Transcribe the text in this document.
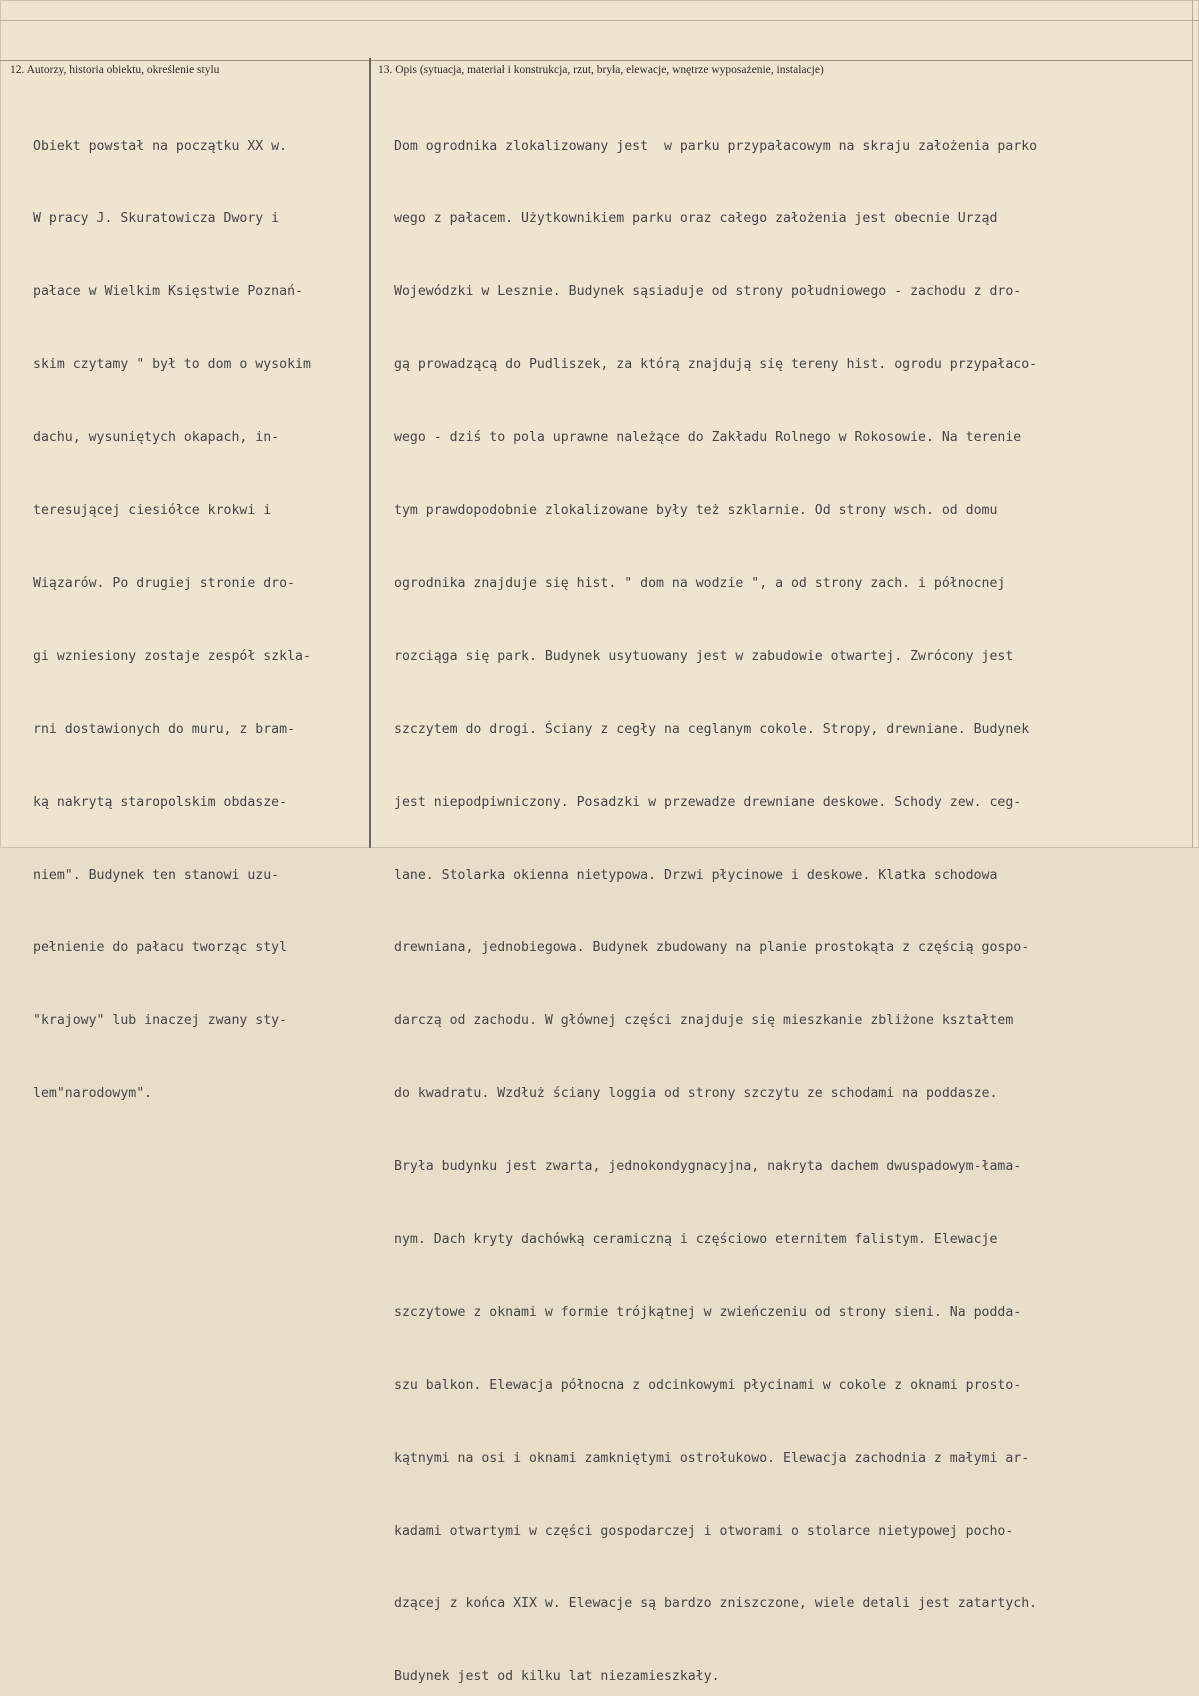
12. Autorzy, historia obiektu, określenie stylu	13. Opis (sytuacja, materiał i konstrukcja, rzut, bryła, elewacje, wnętrze wyposażenie, instalacje)

Obiekt powstał na początku XX w.

W pracy J. Skuratowicza Dwory i

pałace w Wielkim Księstwie Poznań-

skim czytamy " był to dom o wysokim

dachu, wysuniętych okapach, in-

teresującej ciesiółce krokwi i

Wiązarów. Po drugiej stronie dro-

gi wzniesiony zostaje zespół szkla-

rni dostawionych do muru, z bram-

ką nakrytą staropolskim obdasze-

niem". Budynek ten stanowi uzu-

pełnienie do pałacu tworząc styl

"krajowy" lub inaczej zwany sty-

lem"narodowym".

Dom ogrodnika zlokalizowany jest  w parku przypałacowym na skraju założenia parko

wego z pałacem. Użytkownikiem parku oraz całego założenia jest obecnie Urząd

Wojewódzki w Lesznie. Budynek sąsiaduje od strony południowego - zachodu z dro-

gą prowadzącą do Pudliszek, za którą znajdują się tereny hist. ogrodu przypałaco-

wego - dziś to pola uprawne należące do Zakładu Rolnego w Rokosowie. Na terenie

tym prawdopodobnie zlokalizowane były też szklarnie. Od strony wsch. od domu

ogrodnika znajduje się hist. " dom na wodzie ", a od strony zach. i północnej

rozciąga się park. Budynek usytuowany jest w zabudowie otwartej. Zwrócony jest

szczytem do drogi. Ściany z cegły na ceglanym cokole. Stropy, drewniane. Budynek

jest niepodpiwniczony. Posadzki w przewadze drewniane deskowe. Schody zew. ceg-

lane. Stolarka okienna nietypowa. Drzwi płycinowe i deskowe. Klatka schodowa

drewniana, jednobiegowa. Budynek zbudowany na planie prostokąta z częścią gospo-

darczą od zachodu. W głównej części znajduje się mieszkanie zbliżone kształtem

do kwadratu. Wzdłuż ściany loggia od strony szczytu ze schodami na poddasze.

Bryła budynku jest zwarta, jednokondygnacyjna, nakryta dachem dwuspadowym-łama-

nym. Dach kryty dachówką ceramiczną i częściowo eternitem falistym. Elewacje

szczytowe z oknami w formie trójkątnej w zwieńczeniu od strony sieni. Na podda-

szu balkon. Elewacja północna z odcinkowymi płycinami w cokole z oknami prosto-

kątnymi na osi i oknami zamkniętymi ostrołukowo. Elewacja zachodnia z małymi ar-

kadami otwartymi w części gospodarczej i otworami o stolarce nietypowej pocho-

dzącej z końca XIX w. Elewacje są bardzo zniszczone, wiele detali jest zatartych.

Budynek jest od kilku lat niezamieszkały.
